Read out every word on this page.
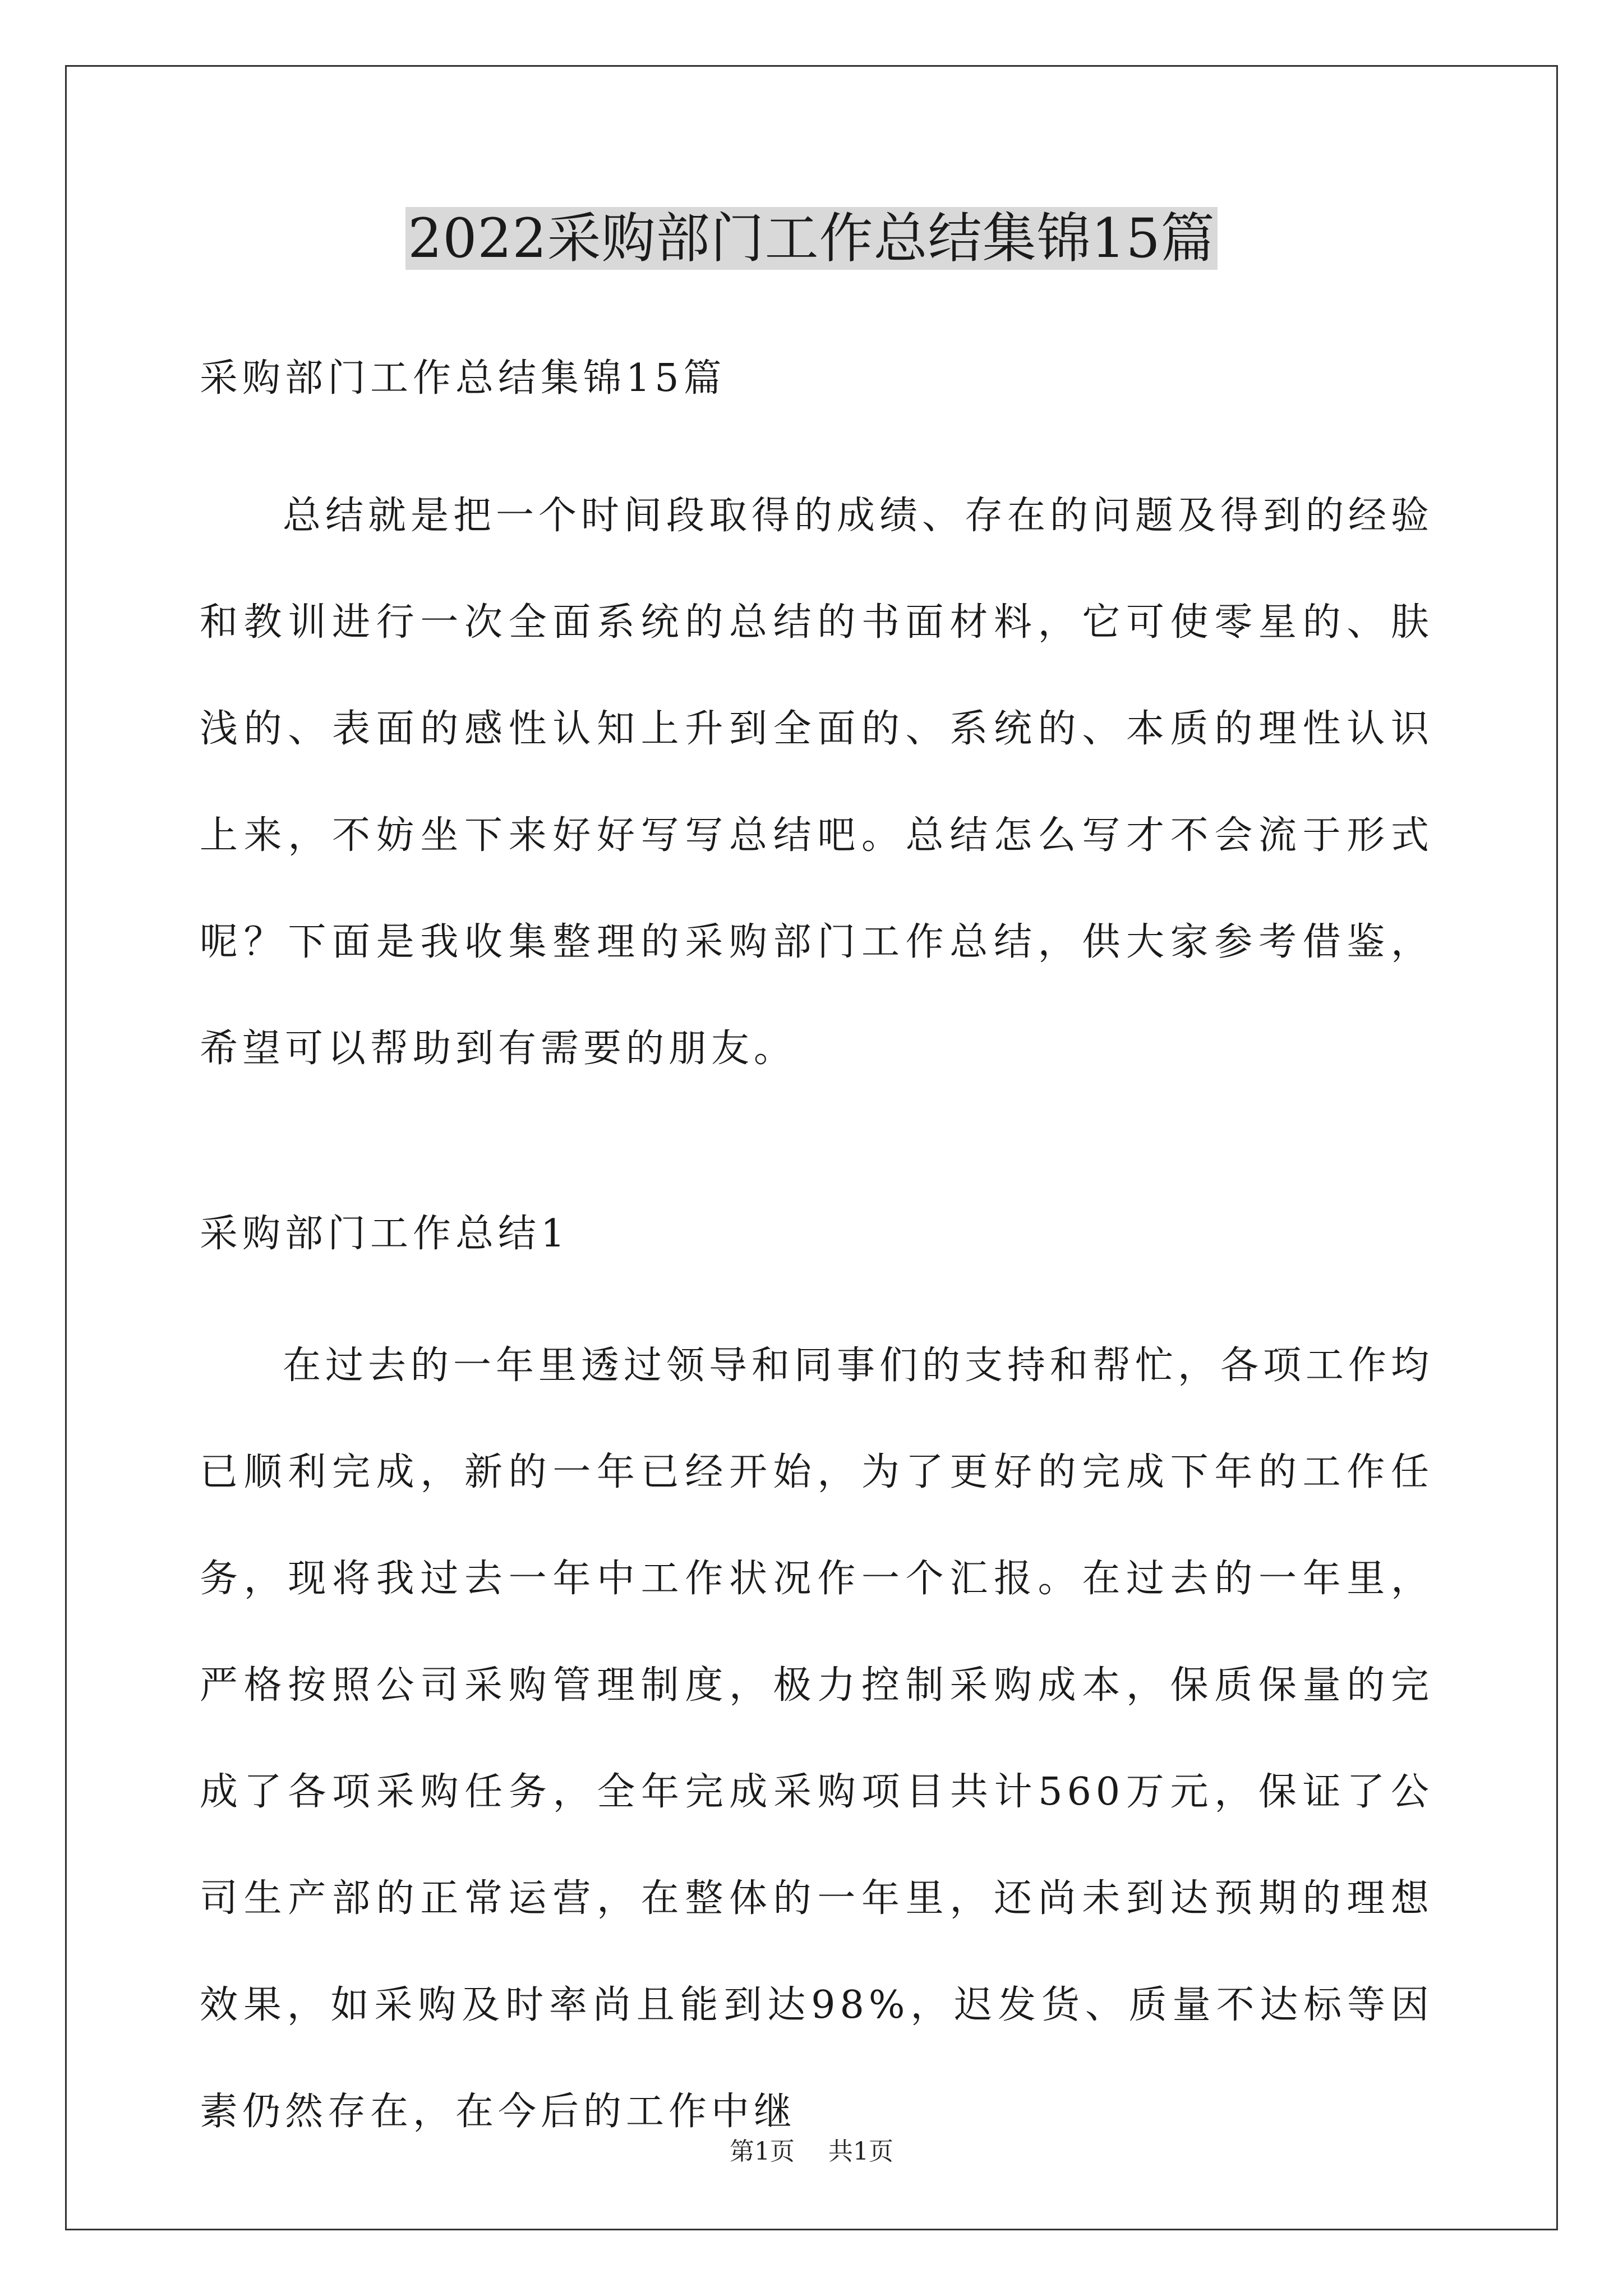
2022采购部门工作总结集锦15篇
采购部门工作总结集锦15篇
总结就是把一个时间段取得的成绩、存在的问题及得到的经验和教训进行一次全面系统的总结的书面材料，它可使零星的、肤浅的、表面的感性认知上升到全面的、系统的、本质的理性认识上来，不妨坐下来好好写写总结吧。总结怎么写才不会流于形式呢？下面是我收集整理的采购部门工作总结，供大家参考借鉴，希望可以帮助到有需要的朋友。
采购部门工作总结1
在过去的一年里透过领导和同事们的支持和帮忙，各项工作均已顺利完成，新的一年已经开始，为了更好的完成下年的工作任务，现将我过去一年中工作状况作一个汇报。在过去的一年里，严格按照公司采购管理制度，极力控制采购成本，保质保量的完成了各项采购任务，全年完成采购项目共计560万元，保证了公司生产部的正常运营，在整体的一年里，还尚未到达预期的理想效果，如采购及时率尚且能到达98%，迟发货、质量不达标等因素仍然存在，在今后的工作中继
第1页 共1页
